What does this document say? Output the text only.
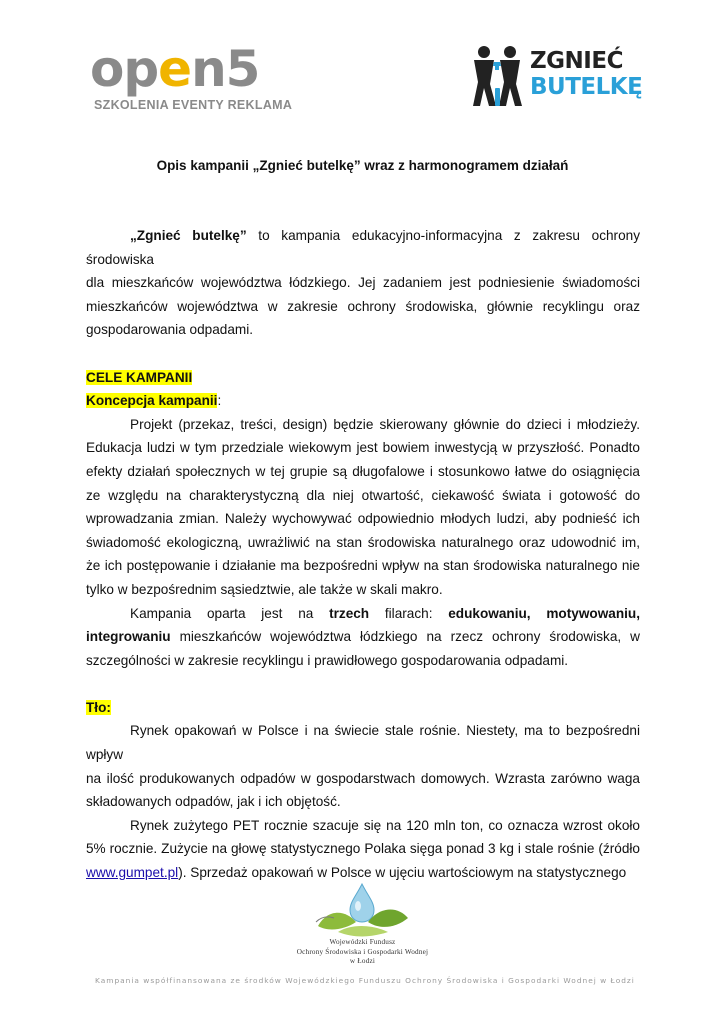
open5
SZKOLENIA EVENTY REKLAMA
ZGNIEĆ
BUTELKĘ
Opis kampanii „Zgnieć butelkę” wraz z harmonogramem działań

„Zgnieć butelkę” to kampania edukacyjno-informacyjna z zakresu ochrony

środowiska

dla mieszkańców województwa łódzkiego. Jej zadaniem jest podniesienie świadomości mieszkańców województwa w zakresie ochrony środowiska, głównie recyklingu oraz gospodarowania odpadami.

CELE KAMPANII

Koncepcja kampanii:

Projekt (przekaz, treści, design) będzie skierowany głównie do dzieci i młodzieży. Edukacja ludzi w tym przedziale wiekowym jest bowiem inwestycją w przyszłość. Ponadto efekty działań społecznych w tej grupie są długofalowe i stosunkowo łatwe do osiągnięcia ze względu na charakterystyczną dla niej otwartość, ciekawość świata i gotowość do wprowadzania zmian. Należy wychowywać odpowiednio młodych ludzi, aby podnieść ich świadomość ekologiczną, uwrażliwić na stan środowiska naturalnego oraz udowodnić im, że ich postępowanie i działanie ma bezpośredni wpływ na stan środowiska naturalnego nie tylko w bezpośrednim sąsiedztwie, ale także w skali makro.

Kampania oparta jest na trzech filarach: edukowaniu, motywowaniu, integrowaniu mieszkańców województwa łódzkiego na rzecz ochrony środowiska, w szczególności w zakresie recyklingu i prawidłowego gospodarowania odpadami.

Tło:

Rynek opakowań w Polsce i na świecie stale rośnie. Niestety, ma to bezpośredni

wpływ

na ilość produkowanych odpadów w gospodarstwach domowych. Wzrasta zarówno waga składowanych odpadów, jak i ich objętość.

Rynek zużytego PET rocznie szacuje się na 120 mln ton, co oznacza wzrost około 5% rocznie. Zużycie na głowę statystycznego Polaka sięga ponad 3 kg i stale rośnie (źródło www.gumpet.pl). Sprzedaż opakowań w Polsce w ujęciu wartościowym na statystycznego

Wojewódzki Fundusz
Ochrony Środowiska i Gospodarki Wodnej
w Łodzi
Kampania współfinansowana ze środków Wojewódzkiego Funduszu Ochrony Środowiska i Gospodarki Wodnej w Łodzi
